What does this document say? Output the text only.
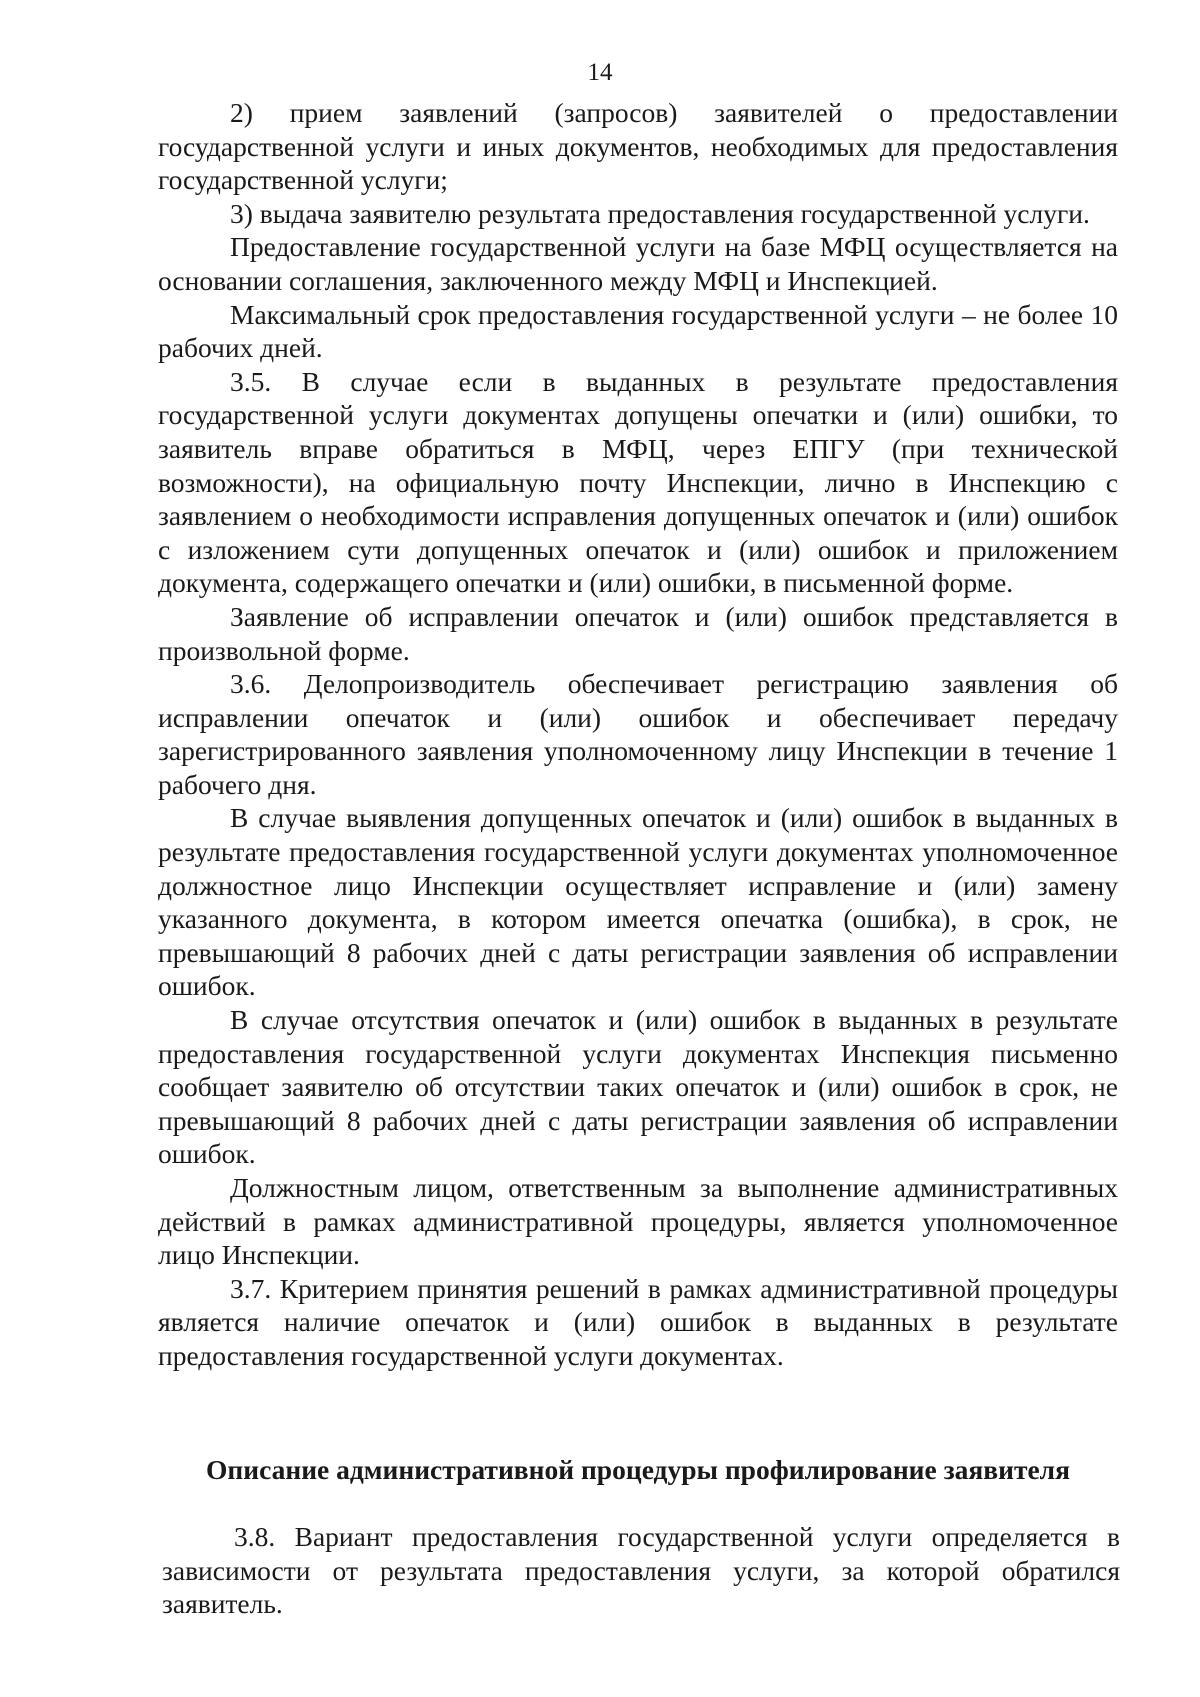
14

2) прием заявлений (запросов) заявителей о предоставлении государственной услуги и иных документов, необходимых для предоставления государственной услуги;

3) выдача заявителю результата предоставления государственной услуги.

Предоставление государственной услуги на базе МФЦ осуществляется на основании соглашения, заключенного между МФЦ и Инспекцией.

Максимальный срок предоставления государственной услуги – не более 10 рабочих дней.

3.5. В случае если в выданных в результате предоставления государственной услуги документах допущены опечатки и (или) ошибки, то заявитель вправе обратиться в МФЦ, через ЕПГУ (при технической возможности), на официальную почту Инспекции, лично в Инспекцию с заявлением о необходимости исправления допущенных опечаток и (или) ошибок с изложением сути допущенных опечаток и (или) ошибок и приложением документа, содержащего опечатки и (или) ошибки, в письменной форме.

Заявление об исправлении опечаток и (или) ошибок представляется в произвольной форме.

3.6. Делопроизводитель обеспечивает регистрацию заявления об исправлении опечаток и (или) ошибок и обеспечивает передачу зарегистрированного заявления уполномоченному лицу Инспекции в течение 1 рабочего дня.

В случае выявления допущенных опечаток и (или) ошибок в выданных в результате предоставления государственной услуги документах уполномоченное должностное лицо Инспекции осуществляет исправление и (или) замену указанного документа, в котором имеется опечатка (ошибка), в срок, не превышающий 8 рабочих дней с даты регистрации заявления об исправлении ошибок.

В случае отсутствия опечаток и (или) ошибок в выданных в результате предоставления государственной услуги документах Инспекция письменно сообщает заявителю об отсутствии таких опечаток и (или) ошибок в срок, не превышающий 8 рабочих дней с даты регистрации заявления об исправлении ошибок.

Должностным лицом, ответственным за выполнение административных действий в рамках административной процедуры, является уполномоченное лицо Инспекции.

3.7. Критерием принятия решений в рамках административной процедуры является наличие опечаток и (или) ошибок в выданных в результате предоставления государственной услуги документах.

Описание административной процедуры профилирование заявителя

3.8. Вариант предоставления государственной услуги определяется в зависимости от результата предоставления услуги, за которой обратился заявитель.
